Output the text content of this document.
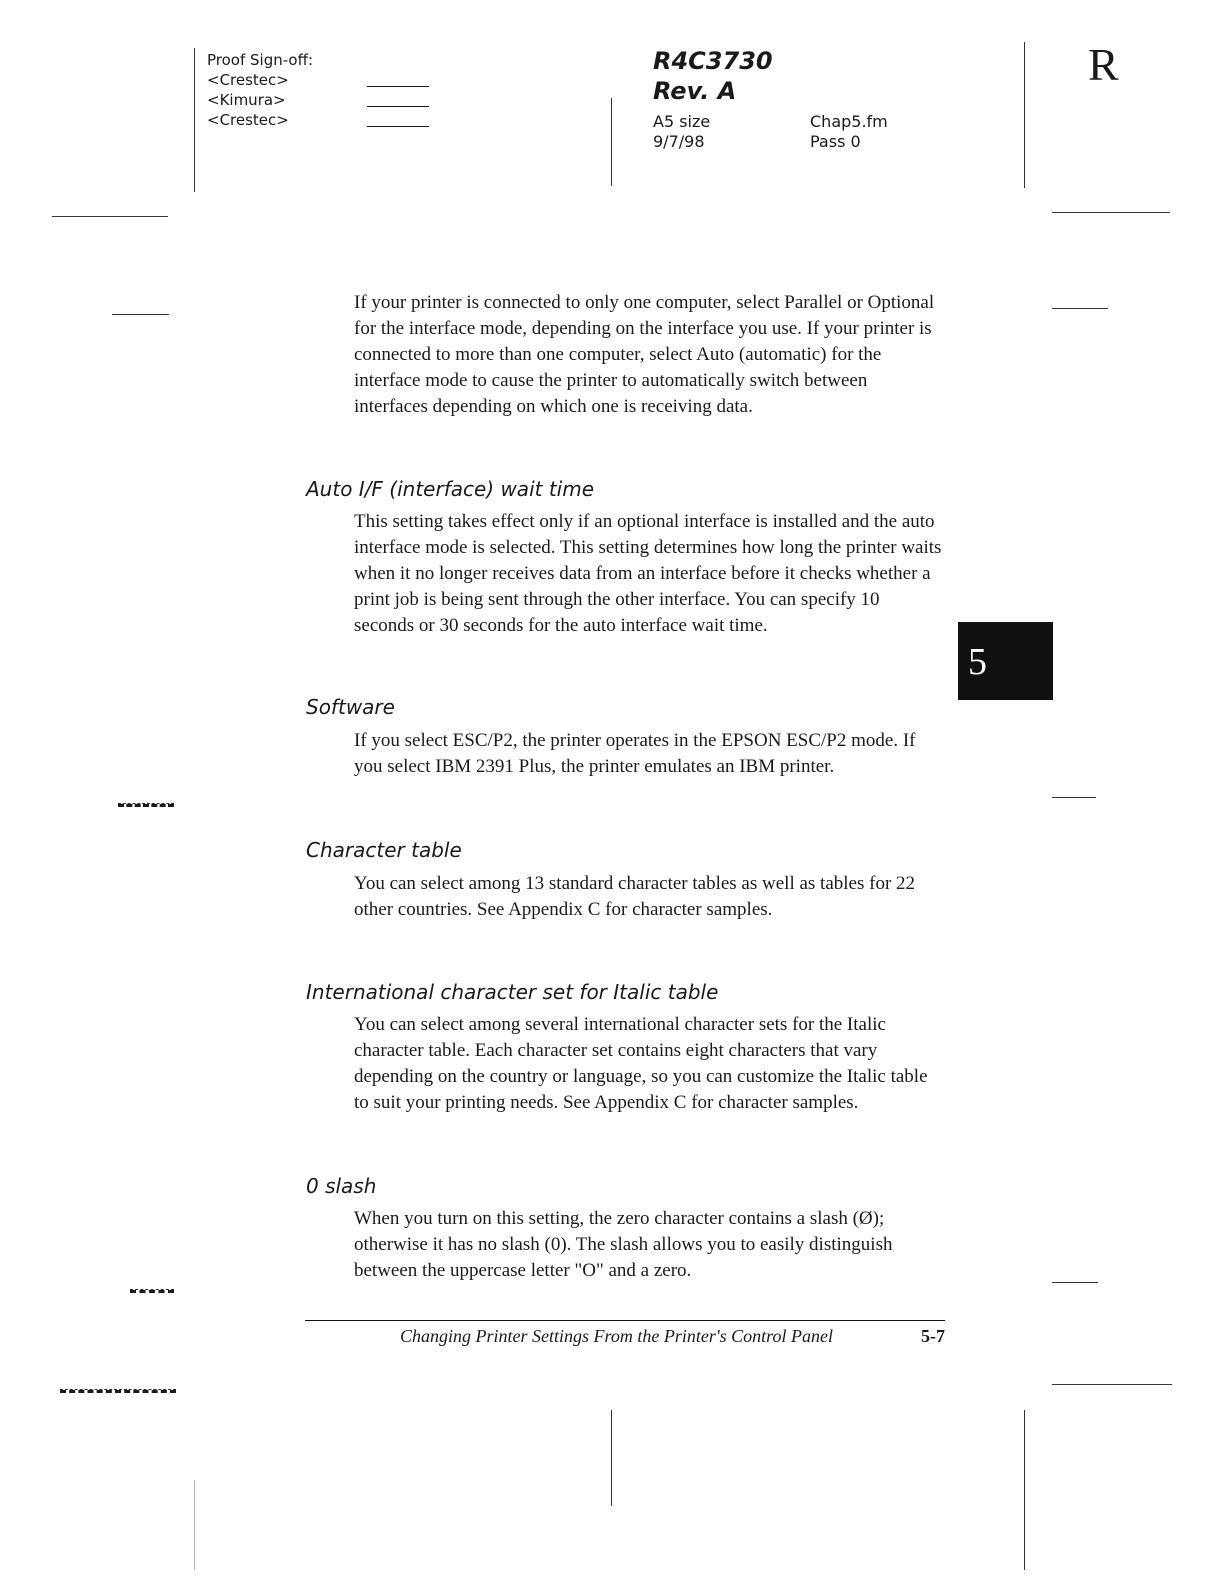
Proof Sign-off:
<Crestec>
<Kimura>
<Crestec>
R4C3730
Rev. A
A5 size
9/7/98
Chap5.fm
Pass 0
R

If your printer is connected to only one computer, select Parallel or Optional for the interface mode, depending on the interface you use. If your printer is connected to more than one computer, select Auto (automatic) for the interface mode to cause the printer to automatically switch between interfaces depending on which one is receiving data.

Auto I/F (interface) wait time

This setting takes effect only if an optional interface is installed and the auto interface mode is selected. This setting determines how long the printer waits when it no longer receives data from an interface before it checks whether a print job is being sent through the other interface. You can specify 10 seconds or 30 seconds for the auto interface wait time.

Software

If you select ESC/P2, the printer operates in the EPSON ESC/P2 mode. If you select IBM 2391 Plus, the printer emulates an IBM printer.

Character table

You can select among 13 standard character tables as well as tables for 22 other countries. See Appendix C for character samples.

International character set for Italic table

You can select among several international character sets for the Italic character table. Each character set contains eight characters that vary depending on the country or language, so you can customize the Italic table to suit your printing needs. See Appendix C for character samples.

0 slash

When you turn on this setting, the zero character contains a slash (Ø); otherwise it has no slash (0). The slash allows you to easily distinguish between the uppercase letter "O" and a zero.

5
Changing Printer Settings From the Printer's Control Panel	5-7
